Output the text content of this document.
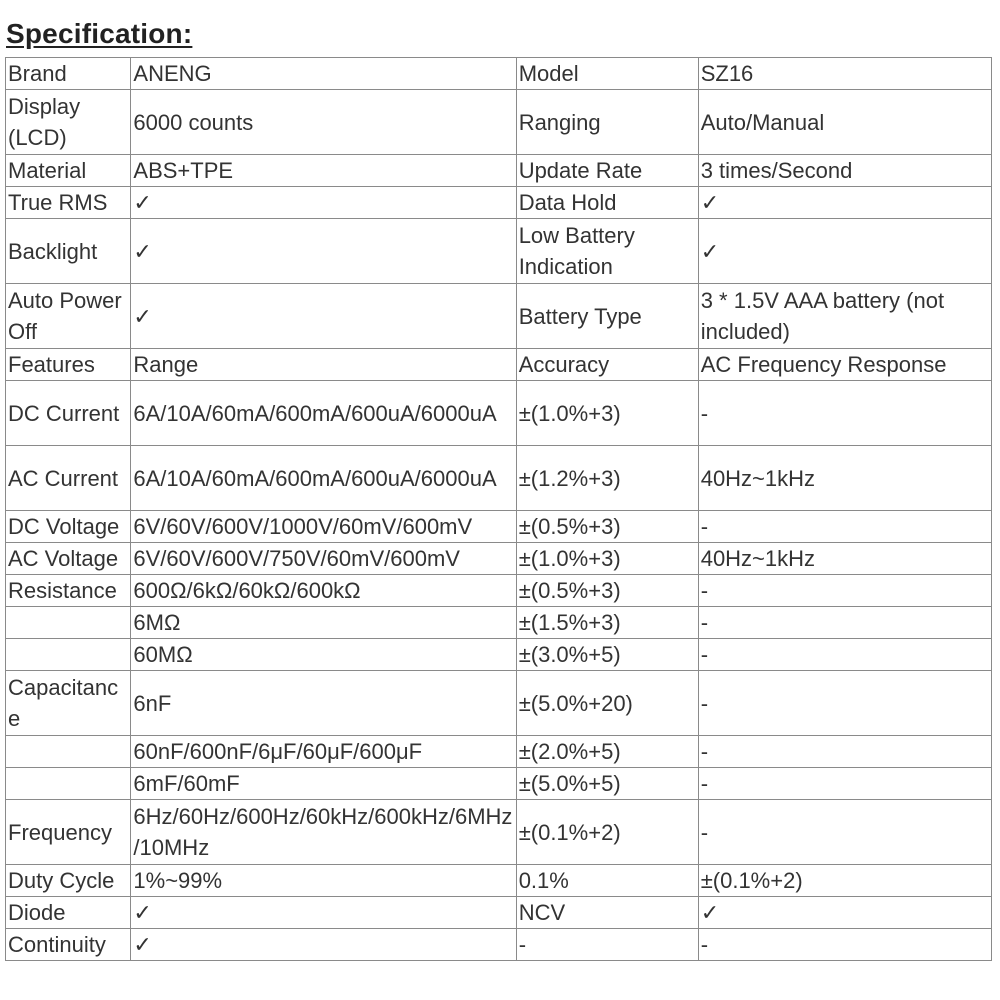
Specification:
Brand	ANENG	Model	SZ16
Display (LCD)	6000 counts	Ranging	Auto/Manual
Material	ABS+TPE	Update Rate	3 times/Second
True RMS	✓	Data Hold	✓
Backlight	✓	Low Battery Indication	✓
Auto Power Off	✓	Battery Type	3 * 1.5V AAA battery (not included)
Features	Range	Accuracy	AC Frequency Response
DC Current	6A/10A/60mA/600mA/600uA/6000uA	±(1.0%+3)	-
AC Current	6A/10A/60mA/600mA/600uA/6000uA	±(1.2%+3)	40Hz~1kHz
DC Voltage	6V/60V/600V/1000V/60mV/600mV	±(0.5%+3)	-
AC Voltage	6V/60V/600V/750V/60mV/600mV	±(1.0%+3)	40Hz~1kHz
Resistance	600Ω/6kΩ/60kΩ/600kΩ	±(0.5%+3)	-
	6MΩ	±(1.5%+3)	-
	60MΩ	±(3.0%+5)	-
Capacitance	6nF	±(5.0%+20)	-
	60nF/600nF/6μF/60μF/600μF	±(2.0%+5)	-
	6mF/60mF	±(5.0%+5)	-
Frequency	6Hz/60Hz/600Hz/60kHz/600kHz/6MHz/10MHz	±(0.1%+2)	-
Duty Cycle	1%~99%	0.1%	±(0.1%+2)
Diode	✓	NCV	✓
Continuity	✓	-	-
